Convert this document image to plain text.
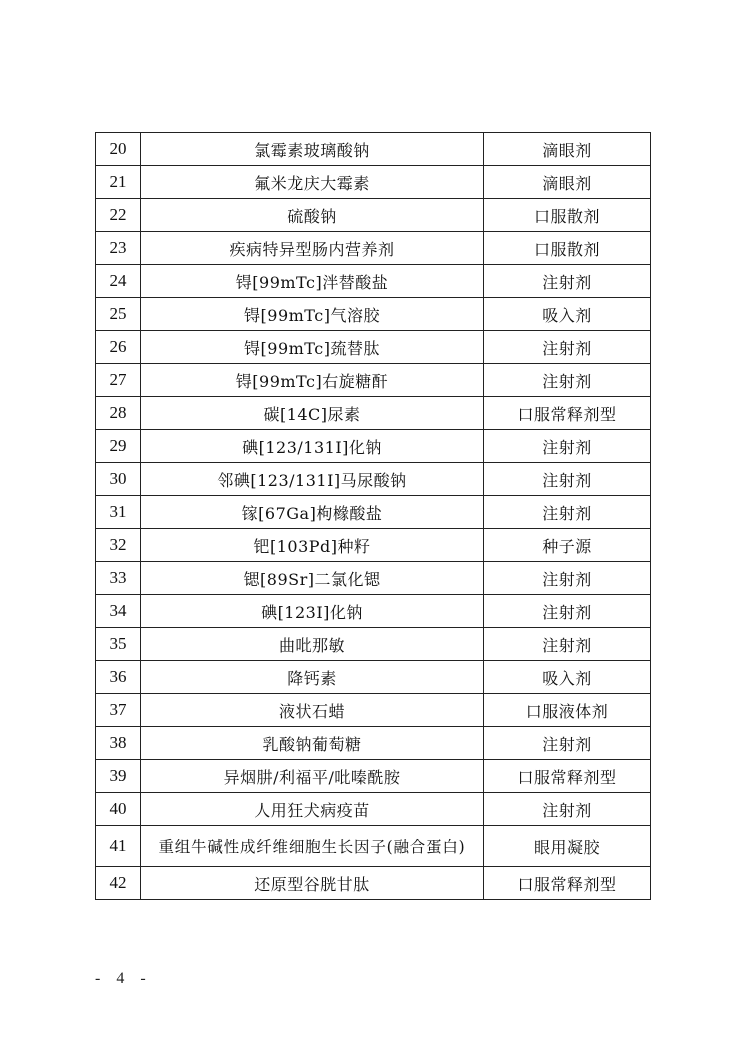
20	氯霉素玻璃酸钠	滴眼剂
21	氟米龙庆大霉素	滴眼剂
22	硫酸钠	口服散剂
23	疾病特异型肠内营养剂	口服散剂
24	锝[99mTc]泮替酸盐	注射剂
25	锝[99mTc]气溶胶	吸入剂
26	锝[99mTc]巯替肽	注射剂
27	锝[99mTc]右旋糖酐	注射剂
28	碳[14C]尿素	口服常释剂型
29	碘[123/131I]化钠	注射剂
30	邻碘[123/131I]马尿酸钠	注射剂
31	镓[67Ga]枸橼酸盐	注射剂
32	钯[103Pd]种籽	种子源
33	锶[89Sr]二氯化锶	注射剂
34	碘[123I]化钠	注射剂
35	曲吡那敏	注射剂
36	降钙素	吸入剂
37	液状石蜡	口服液体剂
38	乳酸钠葡萄糖	注射剂
39	异烟肼/利福平/吡嗪酰胺	口服常释剂型
40	人用狂犬病疫苗	注射剂
41	重组牛碱性成纤维细胞生长因子(融合蛋白)	眼用凝胶
42	还原型谷胱甘肽	口服常释剂型
- 4 -
